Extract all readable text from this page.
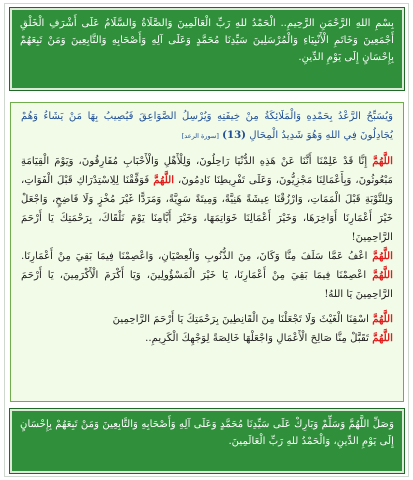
بِسْمِ اللهِ الرَّحْمَنِ الرَّحِيمِ.. الْحَمْدُ للهِ رَبِّ الْعَالَمِينَ وَالصَّلَاةُ وَالسَّلَامُ عَلَى أَشْرَفِ الْخَلْقِ أَجْمَعِينَ وَخَاتَمِ الْأَنْبِيَاءِ وَالْمُرْسَلِينَ سَيِّدِنَا مُحَمَّدٍ وَعَلَى آلِهِ وَأَصْحَابِهِ وَالتَّابِعِينَ وَمَنْ تَبِعَهُمْ بِإِحْسَانٍ إِلَى يَوْمِ الدِّينِ.

وَيُسَبِّحُ الرَّعْدُ بِحَمْدِهِ وَالْمَلَائِكَةُ مِنْ خِيفَتِهِ وَيُرْسِلُ الصَّوَاعِقَ فَيُصِيبُ بِهَا مَنْ يَشَاءُ وَهُمْ يُجَادِلُونَ فِي اللهِ وَهُوَ شَدِيدُ الْمِحَالِ (13) [سورة الرعد]

اللَّهُمَّ إِنَّا قَدْ عَلِمْنَا أَنَّنَا عَنْ هَذِهِ الدُّنْيَا رَاحِلُونَ، وَلِلْأَهْلِ وَالْأَحْبَابِ مُفَارِقُونَ، وَيَوْمَ الْقِيَامَةِ مَبْعُوثُونَ، وَبِأَعْمَالِنَا مَجْزِيُّونَ، وَعَلَى تَفْرِيطِنَا نَادِمُونَ، اللَّهُمَّ فَوَفِّقْنَا لِلِاسْتِدْرَاكِ قَبْلَ الْفَوَاتِ، وَلِلتَّوْبَةِ قَبْلَ الْمَمَاتِ، وَارْزُقْنَا عِيشَةً هَنِيَّةً، وَمِيتَةً سَوِيَّةً، وَمَرَدًّا غَيْرَ مُخْزٍ وَلَا فَاضِحٍ، وَاجْعَلْ خَيْرَ أَعْمَارِنَا أَوَاخِرَهَا، وَخَيْرَ أَعْمَالِنَا خَوَاتِمَهَا، وَخَيْرَ أَيَّامِنَا يَوْمَ نَلْقَاكَ، بِرَحْمَتِكَ يَا أَرْحَمَ الرَّاحِمِينَ!

اللَّهُمَّ اعْفُ عَمَّا سَلَفَ مِنَّا وَكَانَ، مِنَ الذُّنُوبِ وَالْعِصْيَانِ، وَاعْصِمْنَا فِيمَا بَقِيَ مِنْ أَعْمَارِنَا. اللَّهُمَّ اعْصِمْنَا فِيمَا بَقِيَ مِنْ أَعْمَارِنَا، يَا خَيْرَ الْمَسْؤُولِينَ، وَيَا أَكْرَمَ الْأَكْرَمِينَ، يَا أَرْحَمَ الرَّاحِمِينَ يَا اللهُ!

اللَّهُمَّ اسْقِنَا الْغَيْثَ وَلَا تَجْعَلْنَا مِنَ الْقَانِطِينَ بِرَحْمَتِكَ يَا أَرْحَمَ الرَّاحِمِينَ

اللَّهُمَّ تَقَبَّلْ مِنَّا صَالِحَ الْأَعْمَالِ وَاجْعَلْهَا خَالِصَةً لِوَجْهِكَ الْكَرِيمِ..

وَصَلِّ اللَّهُمَّ وَسَلِّمْ وَبَارِكْ عَلَى سَيِّدِنَا مُحَمَّدٍ وَعَلَى آلِهِ وَأَصْحَابِهِ وَالتَّابِعِينَ وَمَنْ تَبِعَهُمْ بِإِحْسَانٍ إِلَى يَوْمِ الدِّينِ، وَالْحَمْدُ للهِ رَبِّ الْعَالَمِينَ.
